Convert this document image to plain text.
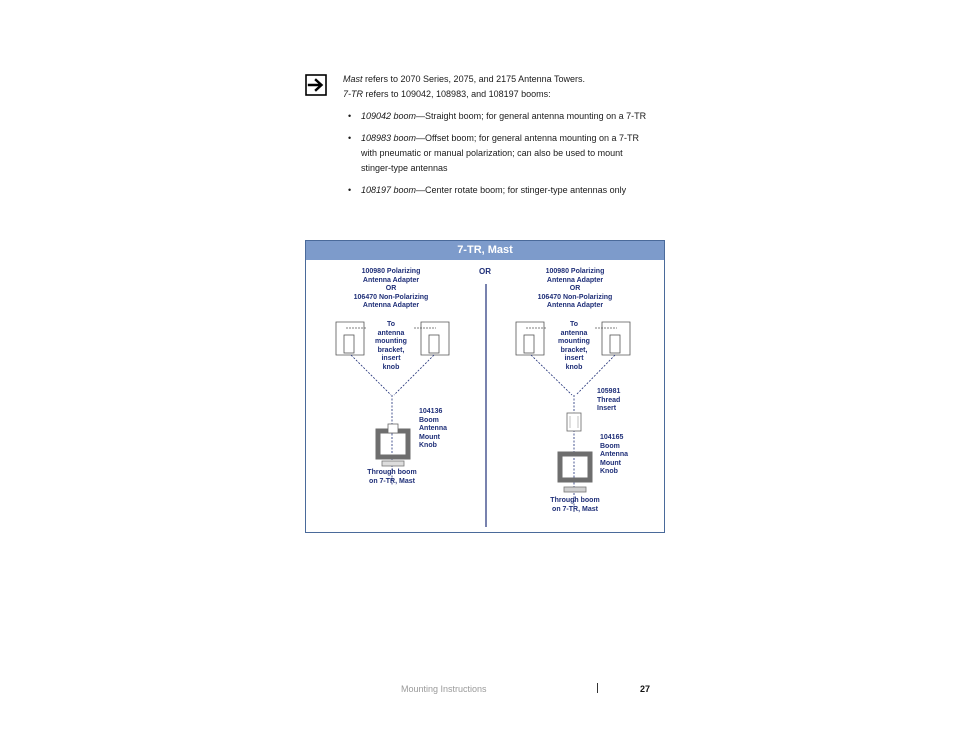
Mast refers to 2070 Series, 2075, and 2175 Antenna Towers.

7-TR refers to 109042, 108983, and 108197 booms:

• 109042 boom—Straight boom; for general antenna mounting on a 7-TR
• 108983 boom—Offset boom; for general antenna mounting on a 7-TR with pneumatic or manual polarization; can also be used to mount stinger-type antennas
• 108197 boom—Center rotate boom; for stinger-type antennas only
7-TR, Mast
100980 Polarizing
Antenna Adapter
OR
106470 Non-Polarizing
Antenna Adapter
OR	100980 Polarizing
Antenna Adapter
OR
106470 Non-Polarizing
Antenna Adapter
To
antenna
mounting
bracket,
insert
knob
To
antenna
mounting
bracket,
insert
knob
104136
Boom
Antenna
Mount
Knob
105981
Thread
Insert
104165
Boom
Antenna
Mount
Knob
Through boom
on 7-TR, Mast
Through boom
on 7-TR, Mast
Mounting Instructions	27
